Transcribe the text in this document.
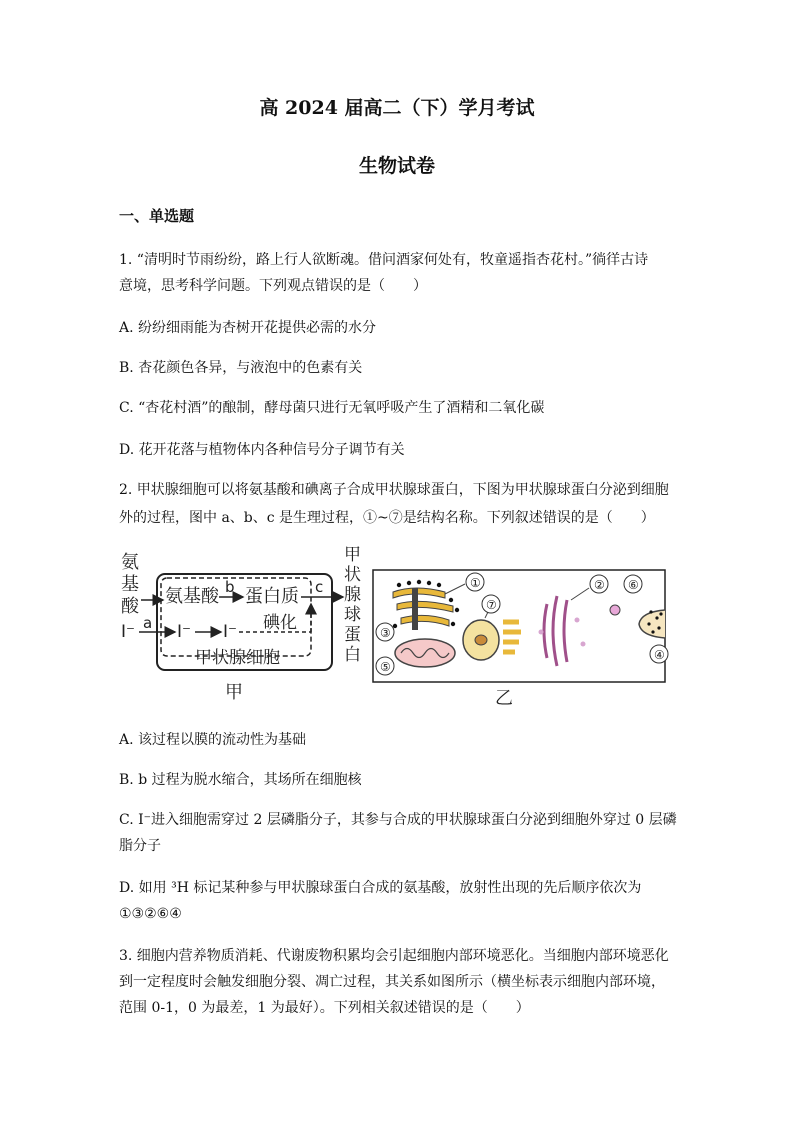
高 2024 届高二（下）学月考试
生物试卷
一、单选题
1. “清明时节雨纷纷，路上行人欲断魂。借问酒家何处有，牧童遥指杏花村。”徜徉古诗
意境，思考科学问题。下列观点错误的是（　　）
A. 纷纷细雨能为杏树开花提供必需的水分
B. 杏花颜色各异，与液泡中的色素有关
C. “杏花村酒”的酿制，酵母菌只进行无氧呼吸产生了酒精和二氧化碳
D. 花开花落与植物体内各种信号分子调节有关
2. 甲状腺细胞可以将氨基酸和碘离子合成甲状腺球蛋白，下图为甲状腺球蛋白分泌到细胞
外的过程，图中 a、b、c 是生理过程，①~⑦是结构名称。下列叙述错误的是（　　）
氨
基
酸 氨基酸 b 蛋白质 c
I⁻ a I⁻ I⁻ 碘化
甲状腺细胞
甲
甲
状
腺
球
蛋
白
①
③
⑤
⑦
② ⑥
④
乙
A. 该过程以膜的流动性为基础
B. b 过程为脱水缩合，其场所在细胞核
C. I⁻进入细胞需穿过 2 层磷脂分子，其参与合成的甲状腺球蛋白分泌到细胞外穿过 0 层磷
脂分子
D. 如用 ³H 标记某种参与甲状腺球蛋白合成的氨基酸，放射性出现的先后顺序依次为
①③②⑥④
3. 细胞内营养物质消耗、代谢废物积累均会引起细胞内部环境恶化。当细胞内部环境恶化
到一定程度时会触发细胞分裂、凋亡过程，其关系如图所示（横坐标表示细胞内部环境，
范围 0-1，0 为最差，1 为最好）。下列相关叙述错误的是（　　）
